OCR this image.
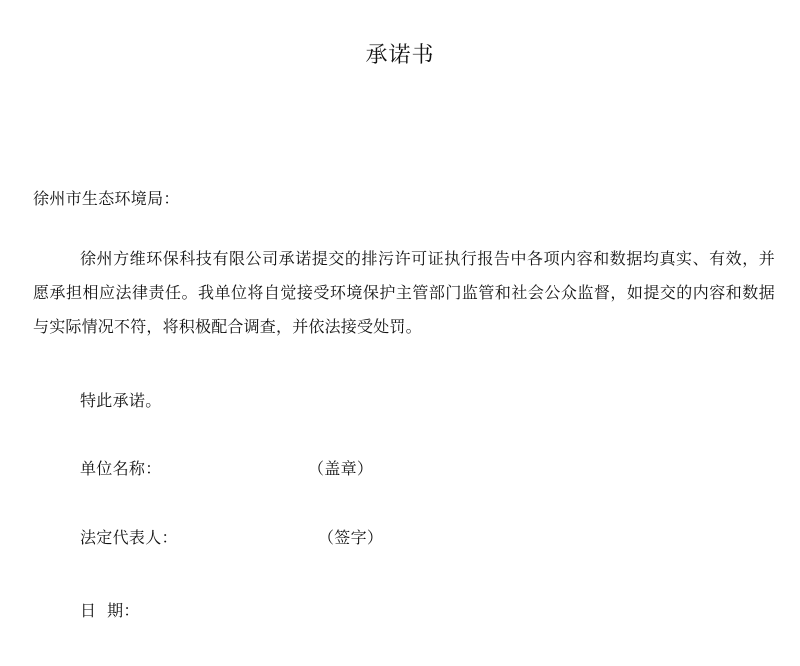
承诺书
徐州市生态环境局：
徐州方维环保科技有限公司承诺提交的排污许可证执行报告中各项内容和数据均真实、有效，并愿承担相应法律责任。我单位将自觉接受环境保护主管部门监管和社会公众监督，如提交的内容和数据与实际情况不符，将积极配合调查，并依法接受处罚。
特此承诺。
单位名称：	（盖章）
法定代表人：	（签字）
日  期：
